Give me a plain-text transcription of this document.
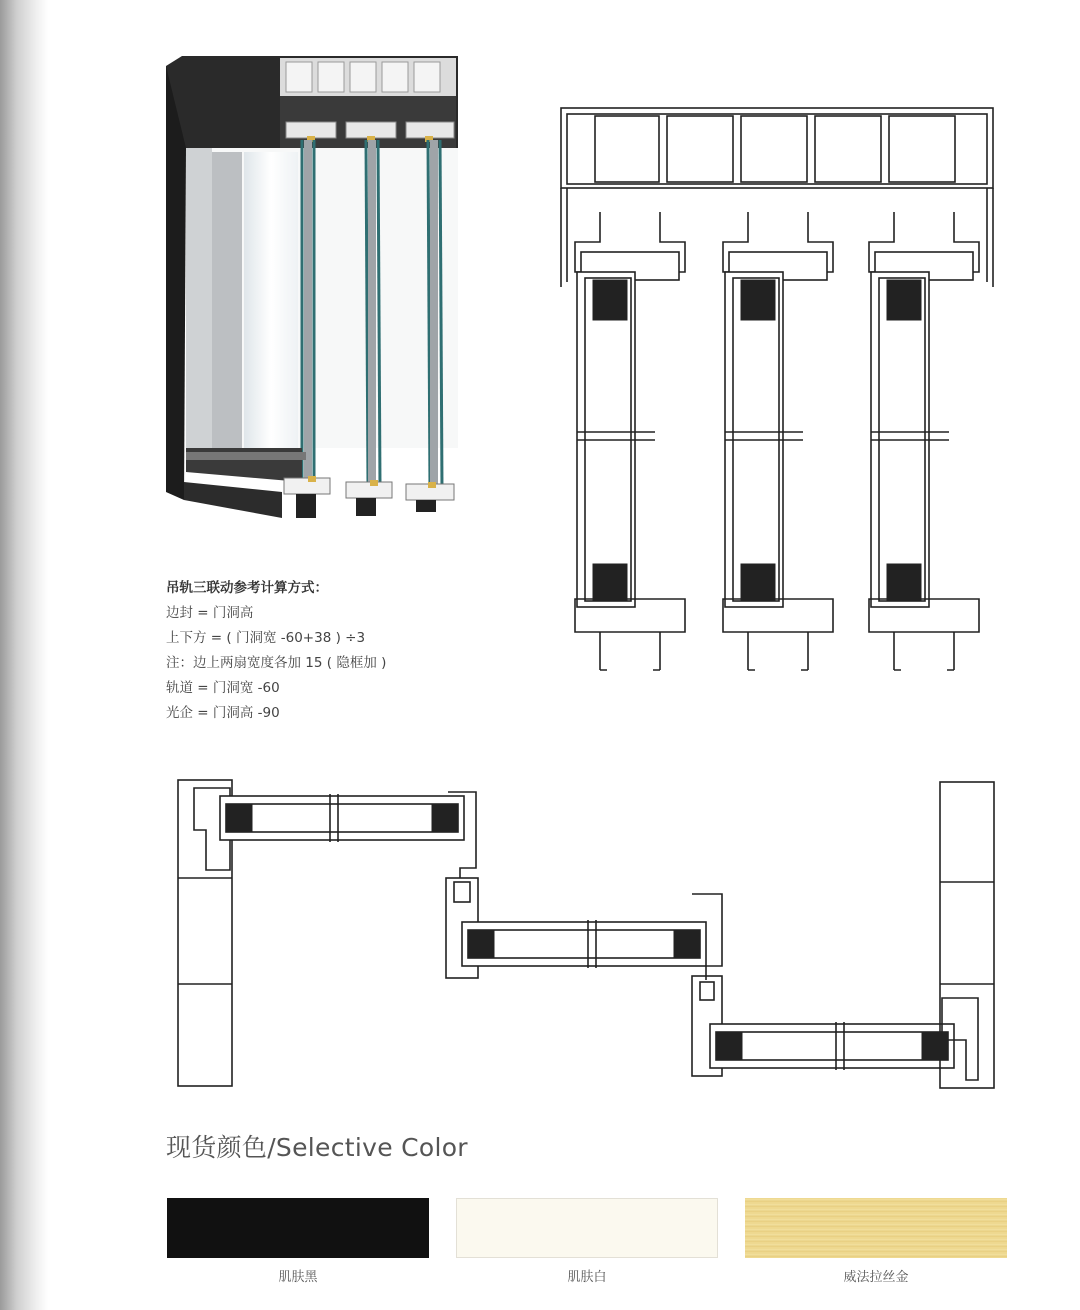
吊轨三联动参考计算方式：
边封 = 门洞高
上下方 = ( 门洞宽 -60+38 ) ÷3
注：边上两扇宽度各加 15 ( 隐框加 )
轨道 = 门洞宽 -60
光企 = 门洞高 -90
现货颜色/Selective Color
肌肤黑	肌肤白	威法拉丝金
